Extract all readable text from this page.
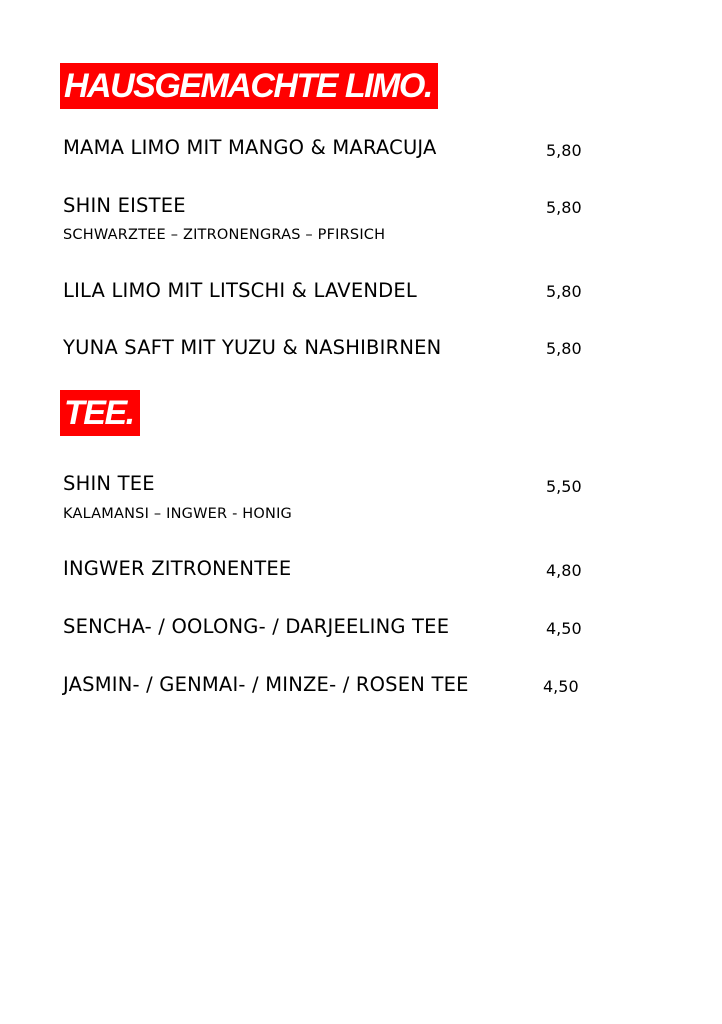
HAUSGEMACHTE LIMO.
MAMA LIMO MIT MANGO & MARACUJA	5,80
SHIN EISTEE	5,80
SCHWARZTEE – ZITRONENGRAS – PFIRSICH
LILA LIMO MIT LITSCHI & LAVENDEL	5,80
YUNA SAFT MIT YUZU & NASHIBIRNEN	5,80
TEE.
SHIN TEE	5,50
KALAMANSI – INGWER - HONIG
INGWER ZITRONENTEE	4,80
SENCHA- / OOLONG- / DARJEELING TEE	4,50
JASMIN- / GENMAI- / MINZE- / ROSEN TEE	4,50
